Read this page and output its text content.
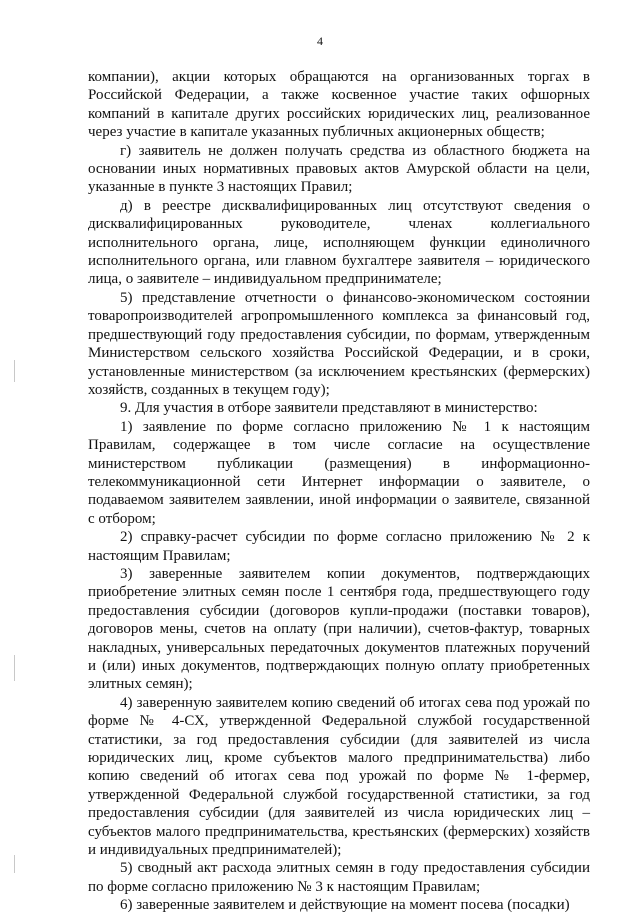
4

компании), акции которых обращаются на организованных торгах в Российской Федерации, а также косвенное участие таких офшорных компаний в капитале других российских юридических лиц, реализованное через участие в капитале указанных публичных акционерных обществ;

г) заявитель не должен получать средства из областного бюджета на основании иных нормативных правовых актов Амурской области на цели, указанные в пункте 3 настоящих Правил;

д) в реестре дисквалифицированных лиц отсутствуют сведения о дисквалифицированных руководителе, членах коллегиального исполнительного органа, лице, исполняющем функции единоличного исполнительного органа, или главном бухгалтере заявителя – юридического лица, о заявителе – индивидуальном предпринимателе;

5) представление отчетности о финансово-экономическом состоянии товаропроизводителей агропромышленного комплекса за финансовый год, предшествующий году предоставления субсидии, по формам, утвержденным Министерством сельского хозяйства Российской Федерации, и в сроки, установленные министерством (за исключением крестьянских (фермерских) хозяйств, созданных в текущем году);

9. Для участия в отборе заявители представляют в министерство:

1) заявление по форме согласно приложению № 1 к настоящим Правилам, содержащее в том числе согласие на осуществление министерством публикации (размещения) в информационно-телекоммуникационной сети Интернет информации о заявителе, о подаваемом заявителем заявлении, иной информации о заявителе, связанной с отбором;

2) справку-расчет субсидии по форме согласно приложению № 2 к настоящим Правилам;

3) заверенные заявителем копии документов, подтверждающих приобретение элитных семян после 1 сентября года, предшествующего году предоставления субсидии (договоров купли-продажи (поставки товаров), договоров мены, счетов на оплату (при наличии), счетов-фактур, товарных накладных, универсальных передаточных документов платежных поручений и (или) иных документов, подтверждающих полную оплату приобретенных элитных семян);

4) заверенную заявителем копию сведений об итогах сева под урожай по форме № 4-СХ, утвержденной Федеральной службой государственной статистики, за год предоставления субсидии (для заявителей из числа юридических лиц, кроме субъектов малого предпринимательства) либо копию сведений об итогах сева под урожай по форме № 1-фермер, утвержденной Федеральной службой государственной статистики, за год предоставления субсидии (для заявителей из числа юридических лиц – субъектов малого предпринимательства, крестьянских (фермерских) хозяйств и индивидуальных предпринимателей);

5) сводный акт расхода элитных семян в году предоставления субсидии по форме согласно приложению № 3 к настоящим Правилам;

6) заверенные заявителем и действующие на момент посева (посадки)
